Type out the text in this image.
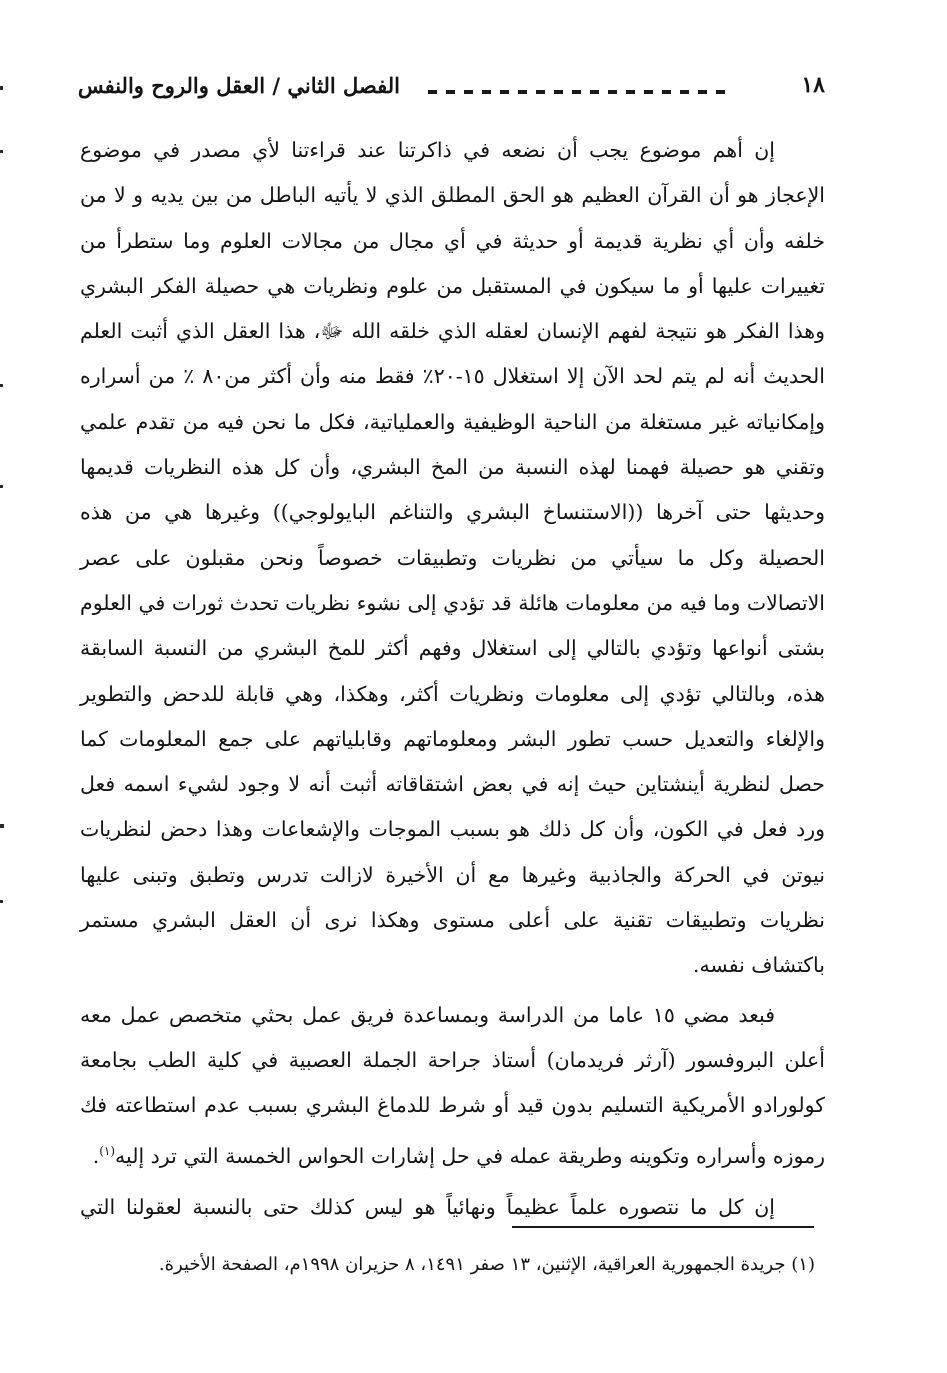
١٨
الفصل الثاني / العقل والروح والنفس

إن أهم موضوع يجب أن نضعه في ذاكرتنا عند قراءتنا لأي مصدر في موضوع الإعجاز هو أن القرآن العظيم هو الحق المطلق الذي لا يأتيه الباطل من بين يديه و لا من خلفه وأن أي نظرية قديمة أو حديثة في أي مجال من مجالات العلوم وما ستطرأ من تغييرات عليها أو ما سيكون في المستقبل من علوم ونظريات هي حصيلة الفكر البشري وهذا الفكر هو نتيجة لفهم الإنسان لعقله الذي خلقه الله ﷻ، هذا العقل الذي أثبت العلم الحديث أنه لم يتم لحد الآن إلا استغلال ١٥-٢٠٪ فقط منه وأن أكثر من٨٠ ٪ من أسراره وإمكانياته غير مستغلة من الناحية الوظيفية والعملياتية، فكل ما نحن فيه من تقدم علمي وتقني هو حصيلة فهمنا لهذه النسبة من المخ البشري، وأن كل هذه النظريات قديمها وحديثها حتى آخرها ((الاستنساخ البشري والتناغم البايولوجي)) وغيرها هي من هذه الحصيلة وكل ما سيأتي من نظريات وتطبيقات خصوصاً ونحن مقبلون على عصر الاتصالات وما فيه من معلومات هائلة قد تؤدي إلى نشوء نظريات تحدث ثورات في العلوم بشتى أنواعها وتؤدي بالتالي إلى استغلال وفهم أكثر للمخ البشري من النسبة السابقة هذه، وبالتالي تؤدي إلى معلومات ونظريات أكثر، وهكذا، وهي قابلة للدحض والتطوير والإلغاء والتعديل حسب تطور البشر ومعلوماتهم وقابلياتهم على جمع المعلومات كما حصل لنظرية أينشتاين حيث إنه في بعض اشتقاقاته أثبت أنه لا وجود لشيء اسمه فعل ورد فعل في الكون، وأن كل ذلك هو بسبب الموجات والإشعاعات وهذا دحض لنظريات نيوتن في الحركة والجاذبية وغيرها مع أن الأخيرة لازالت تدرس وتطبق وتبنى عليها نظريات وتطبيقات تقنية على أعلى مستوى وهكذا نرى أن العقل البشري مستمر باكتشاف نفسه.

فبعد مضي ١٥ عاما من الدراسة وبمساعدة فريق عمل بحثي متخصص عمل معه أعلن البروفسور (آرثر فريدمان) أستاذ جراحة الجملة العصبية في كلية الطب بجامعة كولورادو الأمريكية التسليم بدون قيد أو شرط للدماغ البشري بسبب عدم استطاعته فك رموزه وأسراره وتكوينه وطريقة عمله في حل إشارات الحواس الخمسة التي ترد إليه$^{(١)}$.

إن كل ما نتصوره علماً عظيماً ونهائياً هو ليس كذلك حتى بالنسبة لعقولنا التي

(١) جريدة الجمهورية العراقية، الإثنين، ١٣ صفر ١٤٩١، ٨ حزيران ١٩٩٨م، الصفحة الأخيرة.
